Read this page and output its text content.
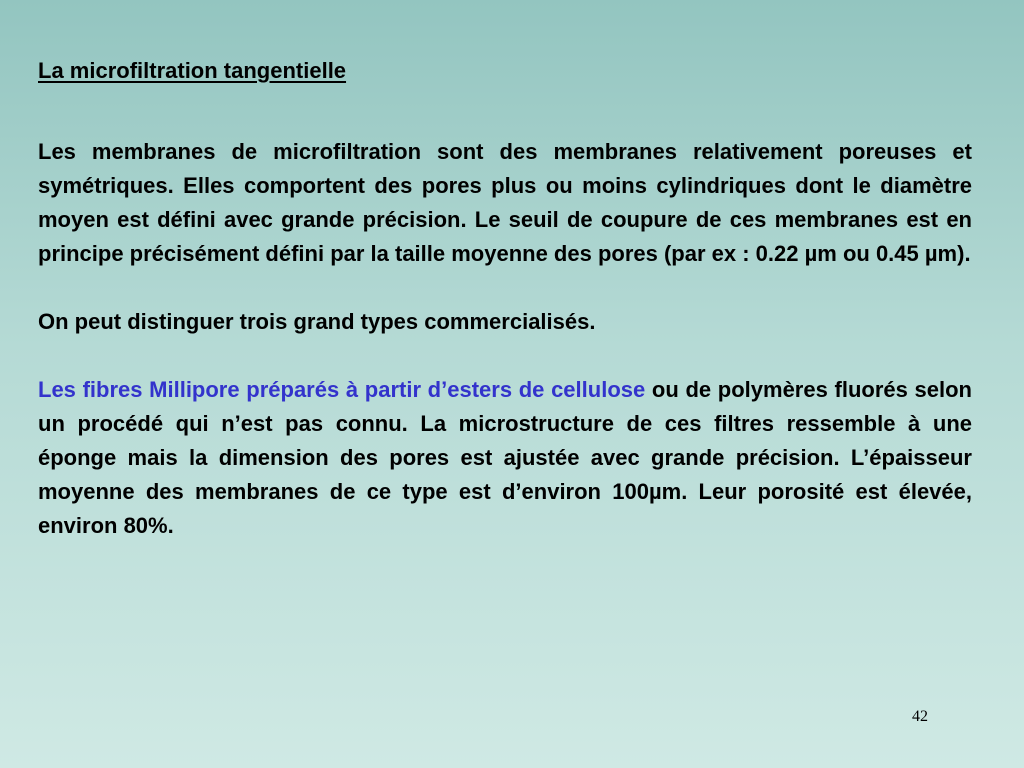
La microfiltration tangentielle

Les membranes de microfiltration sont des membranes relativement poreuses et symétriques. Elles comportent des pores plus ou moins cylindriques dont le diamètre moyen est défini avec grande précision. Le seuil de coupure de ces membranes est en principe précisément défini par la taille moyenne des pores (par ex : 0.22 µm ou 0.45 µm).

On peut distinguer trois grand types commercialisés.

Les fibres Millipore préparés à partir d’esters de cellulose ou de polymères fluorés selon un procédé qui n’est pas connu. La microstructure de ces filtres ressemble à une éponge mais la dimension des pores est ajustée avec grande précision. L’épaisseur moyenne des membranes de ce type est d’environ 100µm. Leur porosité est élevée, environ 80%.

42
